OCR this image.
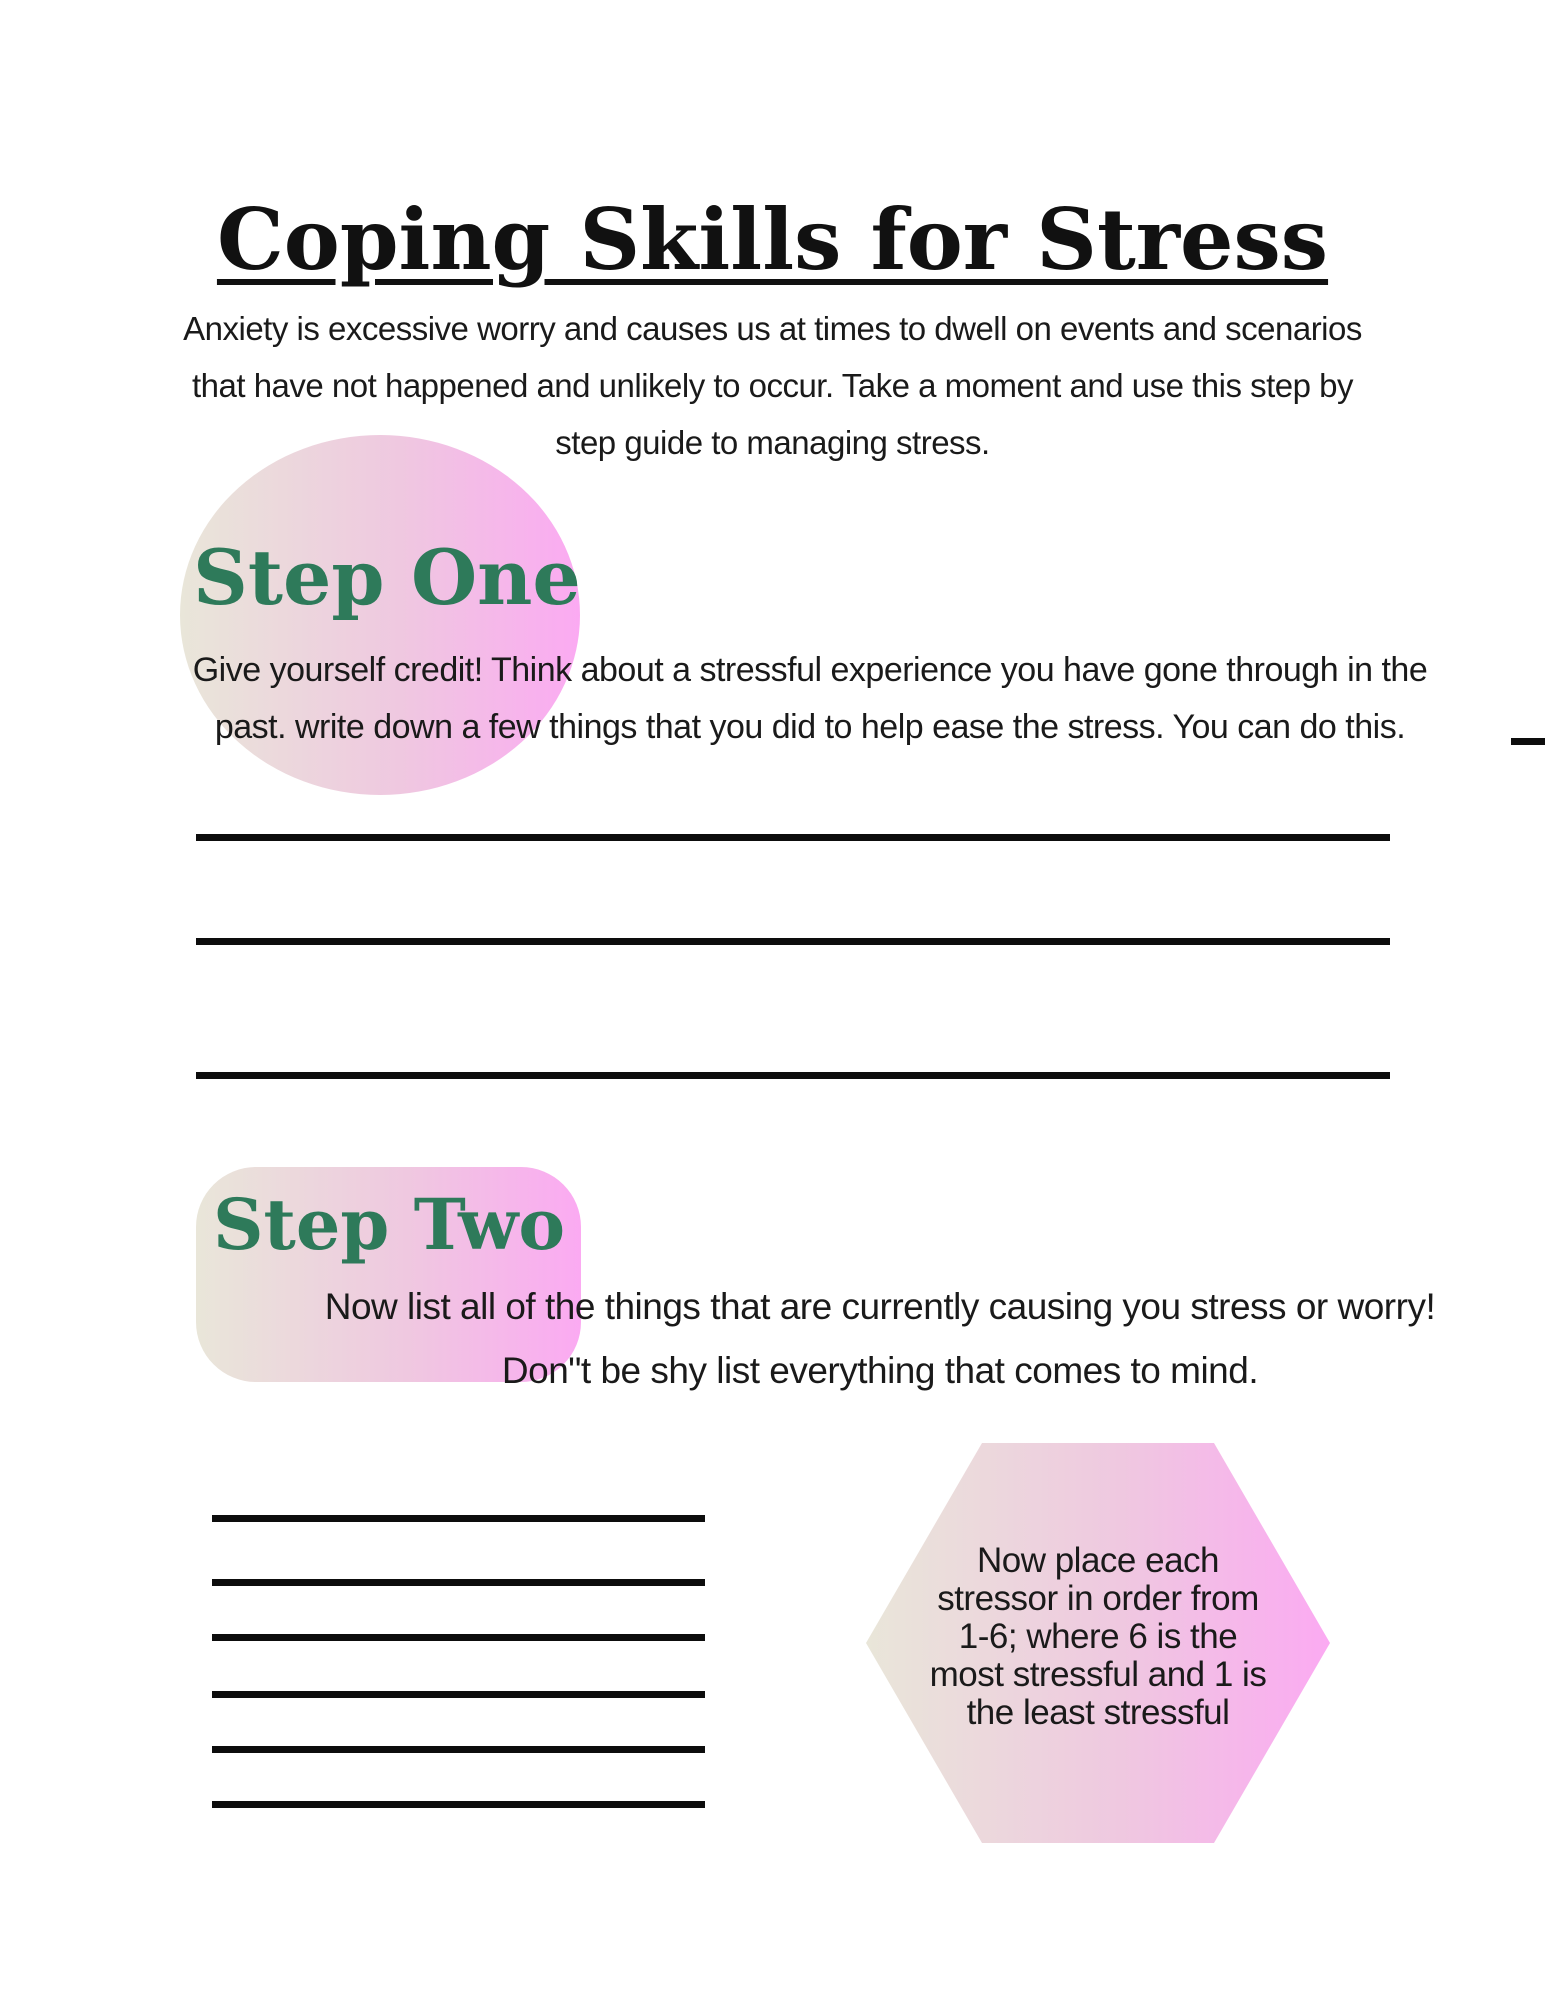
Coping Skills for Stress
Anxiety is excessive worry and causes us at times to dwell on events and scenarios that have not happened and unlikely to occur. Take a moment and use this step by step guide to managing stress.
Step One
Give yourself credit! Think about a stressful experience you have gone through in the past. write down a few things that you did to help ease the stress. You can do this.
Step Two
Now list all of the things that are currently causing you stress or worry! Don"t be shy list everything that comes to mind.
Now place each stressor in order from 1-6; where 6 is the most stressful and 1 is the least stressful
